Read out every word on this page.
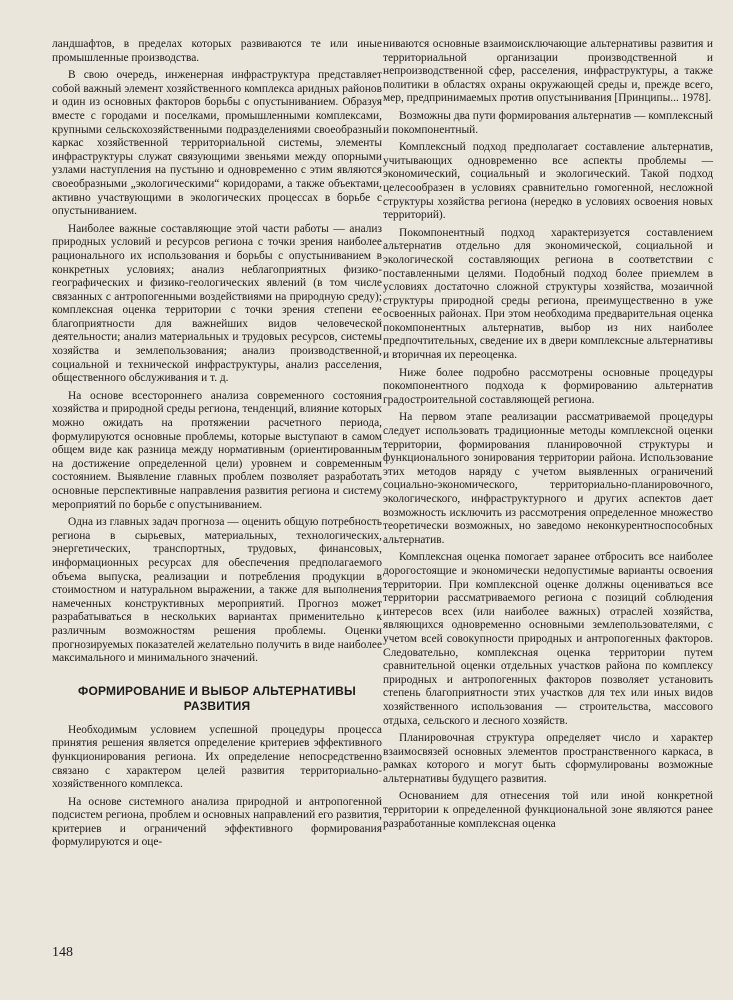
ландшафтов, в пределах которых развиваются те или иные промышленные производства.

В свою очередь, инженерная инфраструктура представляет собой важный элемент хозяйственного комплекса аридных районов и один из основных факторов борьбы с опустыниванием. Образуя вместе с городами и поселками, промышленными комплексами, крупными сельскохозяйственными подразделениями своеобразный каркас хозяйственной территориальной системы, элементы инфраструктуры служат связующими звеньями между опорными узлами наступления на пустыню и одновременно с этим являются своеобразными „экологическими“ коридорами, а также объектами, активно участвующими в экологических процессах в борьбе с опустыниванием.

Наиболее важные составляющие этой части работы — анализ природных условий и ресурсов региона с точки зрения наиболее рационального их использования и борьбы с опустыниванием в конкретных условиях; анализ неблагоприятных физико-географических и физико-геологических явлений (в том числе связанных с антропогенными воздействиями на природную среду); комплексная оценка территории с точки зрения степени ее благоприятности для важнейших видов человеческой деятельности; анализ материальных и трудовых ресурсов, системы хозяйства и землепользования; анализ производственной, социальной и технической инфраструктуры, анализ расселения, общественного обслуживания и т. д.

На основе всестороннего анализа современного состояния хозяйства и природной среды региона, тенденций, влияние которых можно ожидать на протяжении расчетного периода, формулируются основные проблемы, которые выступают в самом общем виде как разница между нормативным (ориентированным на достижение определенной цели) уровнем и современным состоянием. Выявление главных проблем позволяет разработать основные перспективные направления развития региона и систему мероприятий по борьбе с опустыниванием.

Одна из главных задач прогноза — оценить общую потребность региона в сырьевых, материальных, технологических, энергетических, транспортных, трудовых, финансовых, информационных ресурсах для обеспечения предполагаемого объема выпуска, реализации и потребления продукции в стоимостном и натуральном выражении, а также для выполнения намеченных конструктивных мероприятий. Прогноз может разрабатываться в нескольких вариантах применительно к различным возможностям решения проблемы. Оценки прогнозируемых показателей желательно получить в виде наиболее максимального и минимального значений.

ФОРМИРОВАНИЕ И ВЫБОР АЛЬТЕРНАТИВЫ РАЗВИТИЯ

Необходимым условием успешной процедуры процесса принятия решения является определение критериев эффективного функционирования региона. Их определение непосредственно связано с характером целей развития территориально-хозяйственного комплекса.

На основе системного анализа природной и антропогенной подсистем региона, проблем и основных направлений его развития, критериев и ограничений эффективного формирования формулируются и оце-

ниваются основные взаимоисключающие альтернативы развития и территориальной организации производственной и непроизводственной сфер, расселения, инфраструктуры, а также политики в областях охраны окружающей среды и, прежде всего, мер, предпринимаемых против опустынивания [Принципы... 1978].

Возможны два пути формирования альтернатив — комплексный и покомпонентный.

Комплексный подход предполагает составление альтернатив, учитывающих одновременно все аспекты проблемы — экономический, социальный и экологический. Такой подход целесообразен в условиях сравнительно гомогенной, несложной структуры хозяйства региона (нередко в условиях освоения новых территорий).

Покомпонентный подход характеризуется составлением альтернатив отдельно для экономической, социальной и экологической составляющих региона в соответствии с поставленными целями. Подобный подход более приемлем в условиях достаточно сложной структуры хозяйства, мозаичной структуры природной среды региона, преимущественно в уже освоенных районах. При этом необходима предварительная оценка покомпонентных альтернатив, выбор из них наиболее предпочтительных, сведение их в двери комплексные альтернативы и вторичная их переоценка.

Ниже более подробно рассмотрены основные процедуры покомпонентного подхода к формированию альтернатив градостроительной составляющей региона.

На первом этапе реализации рассматриваемой процедуры следует использовать традиционные методы комплексной оценки территории, формирования планировочной структуры и функционального зонирования территории района. Использование этих методов наряду с учетом выявленных ограничений социально-экономического, территориально-планировочного, экологического, инфраструктурного и других аспектов дает возможность исключить из рассмотрения определенное множество теоретически возможных, но заведомо неконкурентноспособных альтернатив.

Комплексная оценка помогает заранее отбросить все наиболее дорогостоящие и экономически недопустимые варианты освоения территории. При комплексной оценке должны оцениваться все территории рассматриваемого региона с позиций соблюдения интересов всех (или наиболее важных) отраслей хозяйства, являющихся одновременно основными землепользователями, с учетом всей совокупности природных и антропогенных факторов. Следовательно, комплексная оценка территории путем сравнительной оценки отдельных участков района по комплексу природных и антропогенных факторов позволяет установить степень благоприятности этих участков для тех или иных видов хозяйственного использования — строительства, массового отдыха, сельского и лесного хозяйств.

Планировочная структура определяет число и характер взаимосвязей основных элементов пространственного каркаса, в рамках которого и могут быть сформулированы возможные альтернативы будущего развития.

Основанием для отнесения той или иной конкретной территории к определенной функциональной зоне являются ранее разработанные комплексная оценка

148
